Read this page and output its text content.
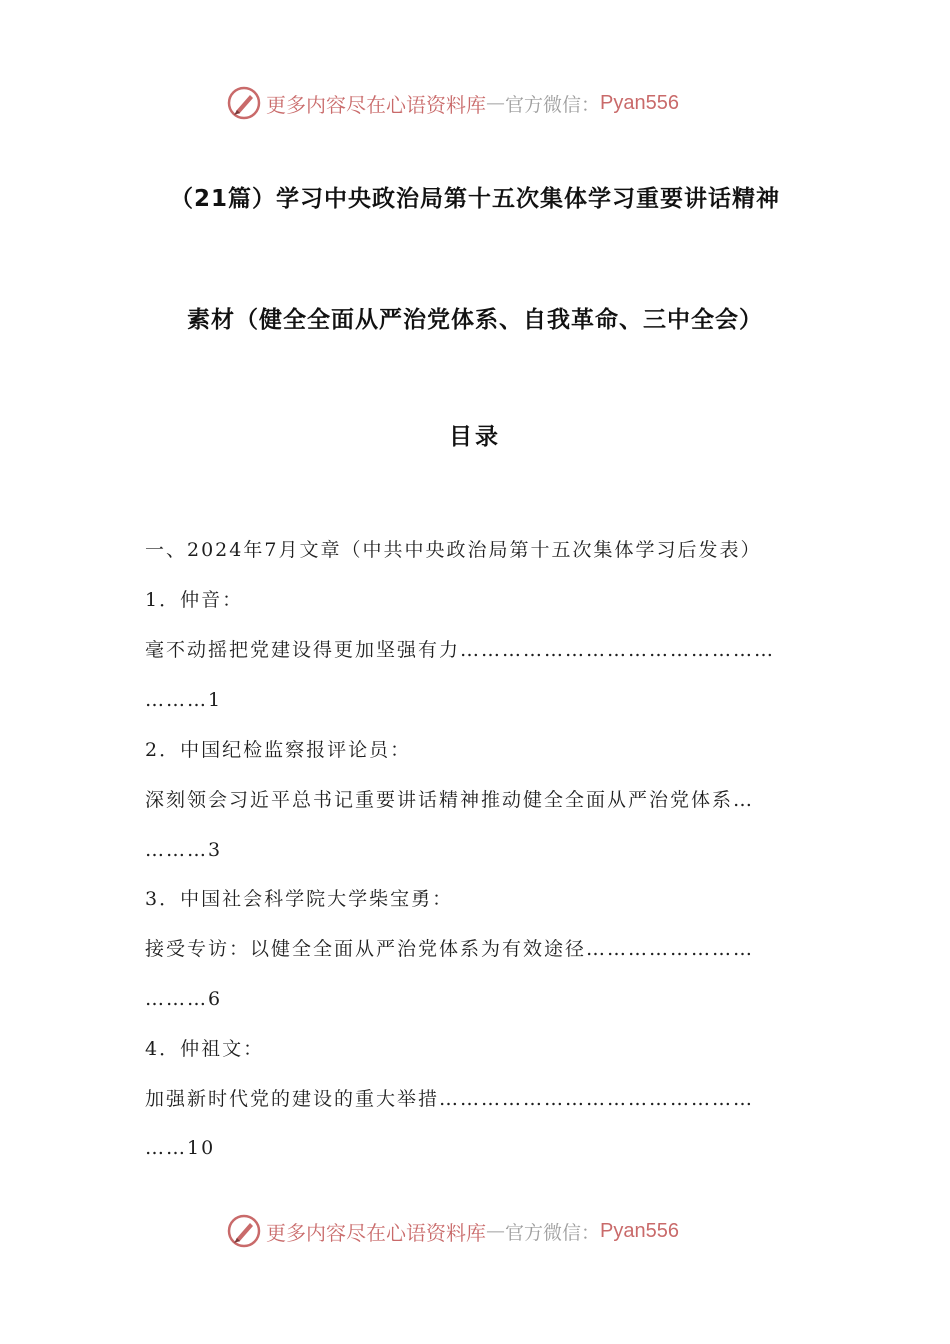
更多内容尽在心语资料库 — 官方微信： Pyan556
（21篇）学习中央政治局第十五次集体学习重要讲话精神
素材（健全全面从严治党体系、自我革命、三中全会）
目录
一、2024年7月文章（中共中央政治局第十五次集体学习后发表）
1．仲音：
毫不动摇把党建设得更加坚强有力………………………………………
………1
2．中国纪检监察报评论员：
深刻领会习近平总书记重要讲话精神推动健全全面从严治党体系…
………3
3．中国社会科学院大学柴宝勇：
接受专访：以健全全面从严治党体系为有效途径……………………
………6
4．仲祖文：
加强新时代党的建设的重大举措………………………………………
……10
更多内容尽在心语资料库 — 官方微信： Pyan556
